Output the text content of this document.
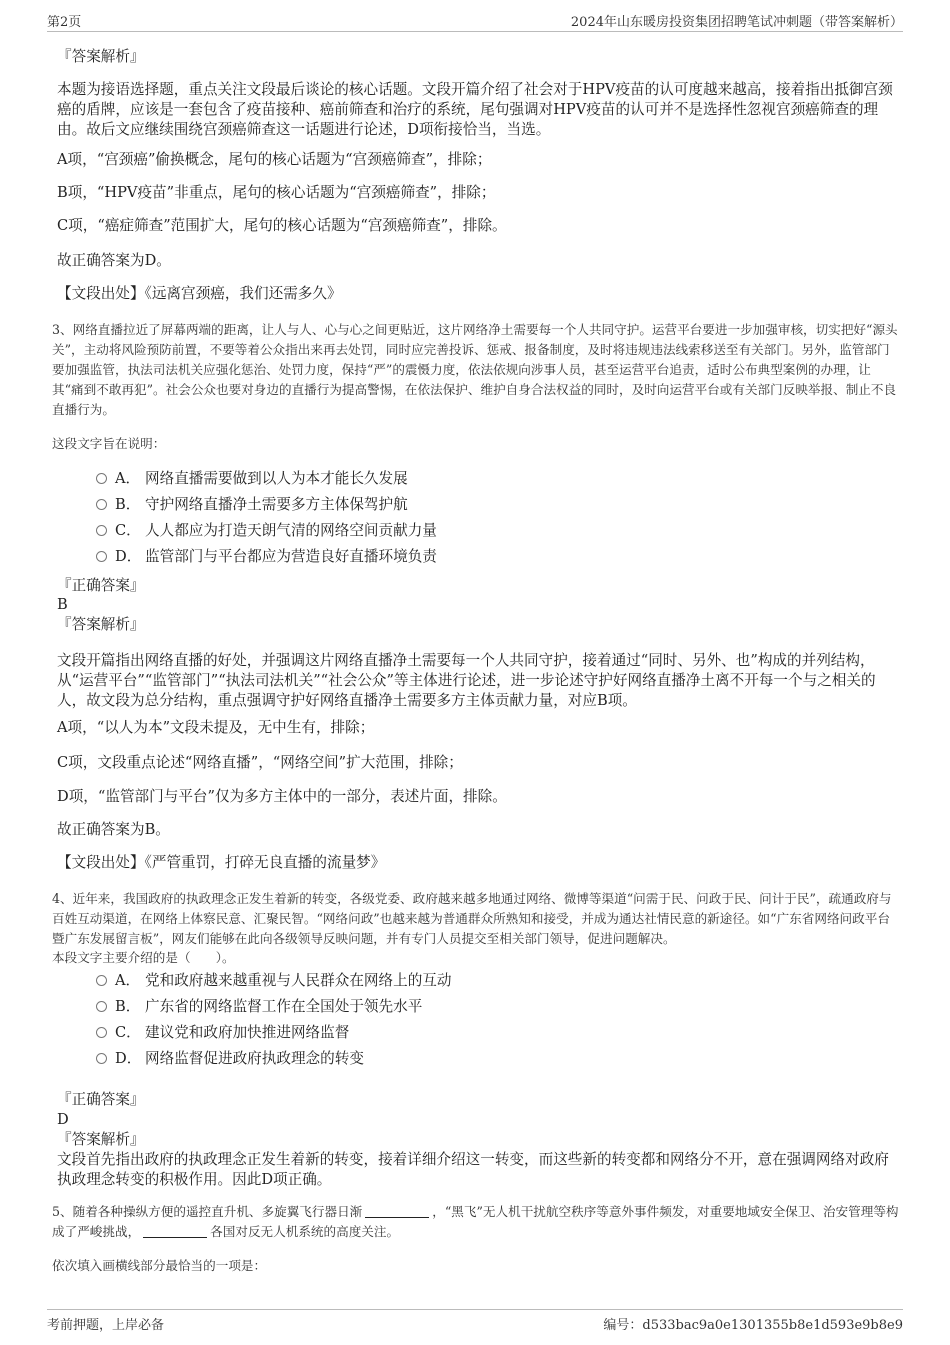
第2页	2024年山东暖房投资集团招聘笔试冲刺题（带答案解析）
『答案解析』
本题为接语选择题，重点关注文段最后谈论的核心话题。文段开篇介绍了社会对于HPV疫苗的认可度越来越高，接着指出抵御宫颈癌的盾牌，应该是一套包含了疫苗接种、癌前筛查和治疗的系统，尾句强调对HPV疫苗的认可并不是选择性忽视宫颈癌筛查的理由。故后文应继续围绕宫颈癌筛查这一话题进行论述，D项衔接恰当，当选。
A项，“宫颈癌”偷换概念，尾句的核心话题为“宫颈癌筛查”，排除；
B项，“HPV疫苗”非重点，尾句的核心话题为“宫颈癌筛查”，排除；
C项，“癌症筛查”范围扩大，尾句的核心话题为“宫颈癌筛查”，排除。
故正确答案为D。
【文段出处】《远离宫颈癌，我们还需多久》
3、网络直播拉近了屏幕两端的距离，让人与人、心与心之间更贴近，这片网络净土需要每一个人共同守护。运营平台要进一步加强审核，切实把好“源头关”，主动将风险预防前置，不要等着公众指出来再去处罚，同时应完善投诉、惩戒、报备制度，及时将违规违法线索移送至有关部门。另外，监管部门要加强监管，执法司法机关应强化惩治、处罚力度，保持“严”的震慑力度，依法依规向涉事人员，甚至运营平台追责，适时公布典型案例的办理，让其“痛到不敢再犯”。社会公众也要对身边的直播行为提高警惕，在依法保护、维护自身合法权益的同时，及时向运营平台或有关部门反映举报、制止不良直播行为。
这段文字旨在说明：
A． 网络直播需要做到以人为本才能长久发展
B． 守护网络直播净土需要多方主体保驾护航
C． 人人都应为打造天朗气清的网络空间贡献力量
D． 监管部门与平台都应为营造良好直播环境负责
『正确答案』
B
『答案解析』
文段开篇指出网络直播的好处，并强调这片网络直播净土需要每一个人共同守护，接着通过“同时、另外、也”构成的并列结构，从“运营平台”“监管部门”“执法司法机关”“社会公众”等主体进行论述，进一步论述守护好网络直播净土离不开每一个与之相关的人，故文段为总分结构，重点强调守护好网络直播净土需要多方主体贡献力量，对应B项。
A项，“以人为本”文段未提及，无中生有，排除；
C项，文段重点论述“网络直播”，“网络空间”扩大范围，排除；
D项，“监管部门与平台”仅为多方主体中的一部分，表述片面，排除。
故正确答案为B。
【文段出处】《严管重罚，打碎无良直播的流量梦》
4、近年来，我国政府的执政理念正发生着新的转变，各级党委、政府越来越多地通过网络、微博等渠道“问需于民、问政于民、问计于民”，疏通政府与百姓互动渠道，在网络上体察民意、汇聚民智。“网络问政”也越来越为普通群众所熟知和接受，并成为通达社情民意的新途径。如“广东省网络问政平台暨广东发展留言板”，网友们能够在此向各级领导反映问题，并有专门人员提交至相关部门领导，促进问题解决。
本段文字主要介绍的是（　　）。
A． 党和政府越来越重视与人民群众在网络上的互动
B． 广东省的网络监督工作在全国处于领先水平
C． 建议党和政府加快推进网络监督
D． 网络监督促进政府执政理念的转变
『正确答案』
D
『答案解析』
文段首先指出政府的执政理念正发生着新的转变，接着详细介绍这一转变，而这些新的转变都和网络分不开，意在强调网络对政府执政理念转变的积极作用。因此D项正确。
5、随着各种操纵方便的遥控直升机、多旋翼飞行器日渐	，“黑飞”无人机干扰航空秩序等意外事件频发，对重要地域安全保卫、治安管理等构成了严峻挑战，	各国对反无人机系统的高度关注。
依次填入画横线部分最恰当的一项是：
考前押题，上岸必备	编号：d533bac9a0e1301355b8e1d593e9b8e9
